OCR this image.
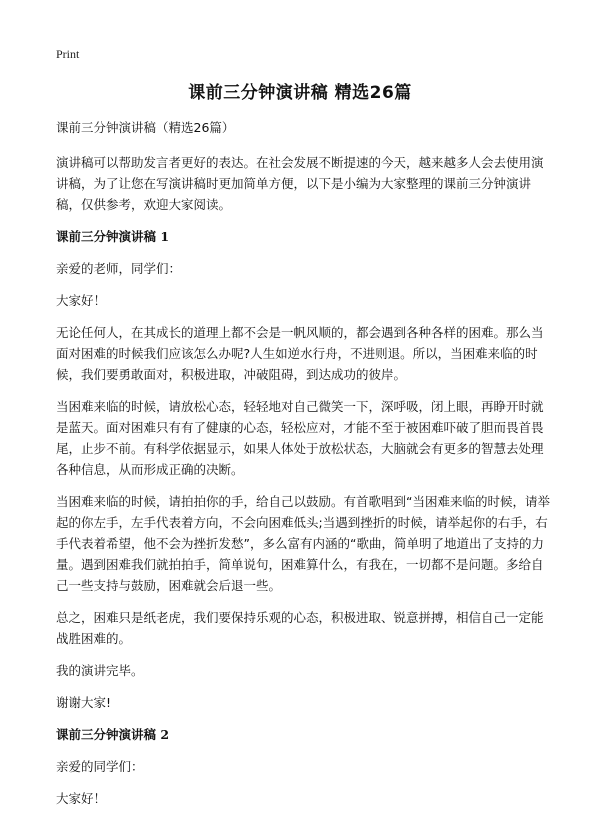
Print
课前三分钟演讲稿 精选26篇

课前三分钟演讲稿（精选26篇）

演讲稿可以帮助发言者更好的表达。在社会发展不断提速的今天，越来越多人会去使用演讲稿，为了让您在写演讲稿时更加简单方便，以下是小编为大家整理的课前三分钟演讲稿，仅供参考，欢迎大家阅读。

课前三分钟演讲稿 1

亲爱的老师，同学们：

大家好！

无论任何人，在其成长的道理上都不会是一帆风顺的，都会遇到各种各样的困难。那么当面对困难的时候我们应该怎么办呢?人生如逆水行舟，不进则退。所以，当困难来临的时候，我们要勇敢面对，积极进取，冲破阻碍，到达成功的彼岸。

当困难来临的时候，请放松心态，轻轻地对自己微笑一下，深呼吸，闭上眼，再睁开时就是蓝天。面对困难只有有了健康的心态，轻松应对，才能不至于被困难吓破了胆而畏首畏尾，止步不前。有科学依据显示，如果人体处于放松状态，大脑就会有更多的智慧去处理各种信息，从而形成正确的决断。

当困难来临的时候，请拍拍你的手，给自己以鼓励。有首歌唱到“当困难来临的时候，请举起的你左手，左手代表着方向，不会向困难低头;当遇到挫折的时候，请举起你的右手，右手代表着希望，他不会为挫折发愁”，多么富有内涵的“歌曲，简单明了地道出了支持的力量。遇到困难我们就拍拍手，简单说句，困难算什么，有我在，一切都不是问题。多给自己一些支持与鼓励，困难就会后退一些。

总之，困难只是纸老虎，我们要保持乐观的心态，积极进取、锐意拼搏，相信自己一定能战胜困难的。

我的演讲完毕。

谢谢大家!

课前三分钟演讲稿 2

亲爱的同学们：

大家好！
